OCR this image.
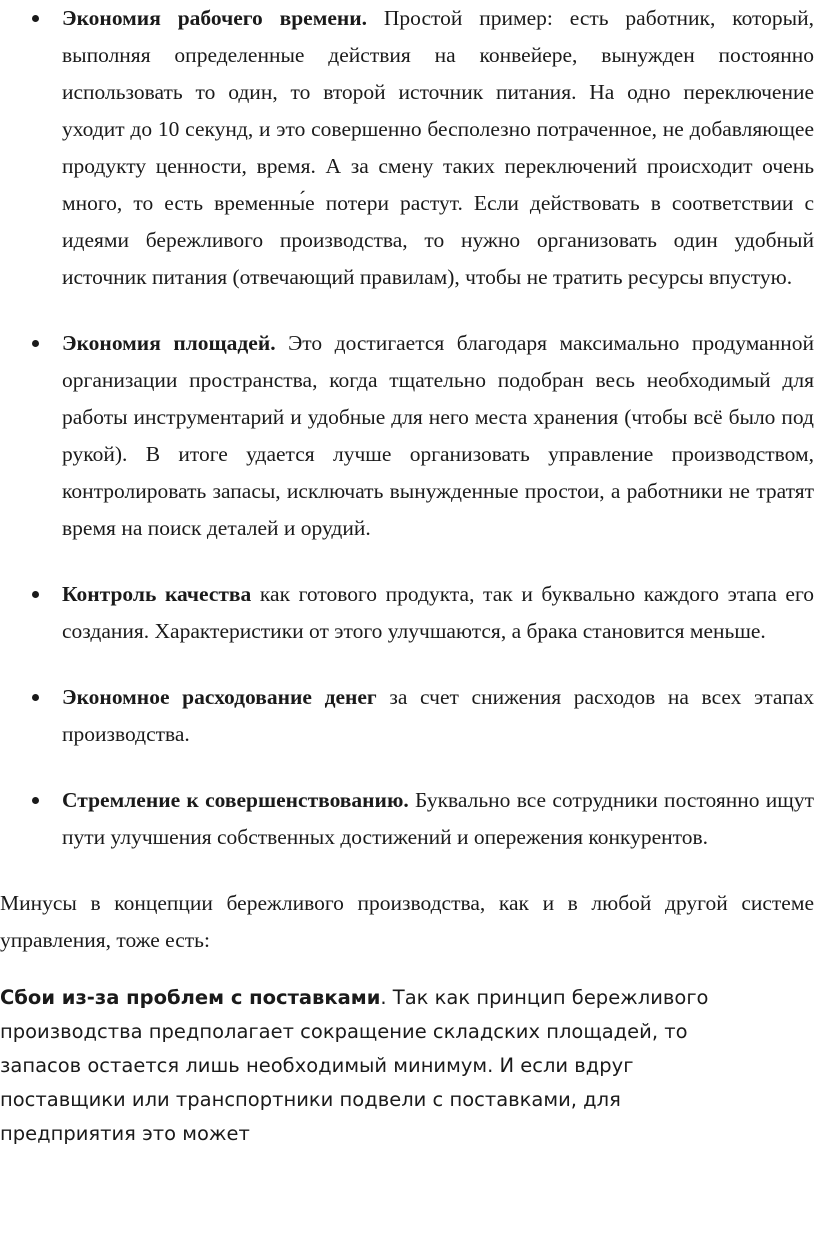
Экономия рабочего времени. Простой пример: есть работник, который, выполняя определенные действия на конвейере, вынужден постоянно использовать то один, то второй источник питания. На одно переключение уходит до 10 секунд, и это совершенно бесполезно потраченное, не добавляющее продукту ценности, время. А за смену таких переключений происходит очень много, то есть временны́е потери растут. Если действовать в соответствии с идеями бережливого производства, то нужно организовать один удобный источник питания (отвечающий правилам), чтобы не тратить ресурсы впустую.
Экономия площадей. Это достигается благодаря максимально продуманной организации пространства, когда тщательно подобран весь необходимый для работы инструментарий и удобные для него места хранения (чтобы всё было под рукой). В итоге удается лучше организовать управление производством, контролировать запасы, исключать вынужденные простои, а работники не тратят время на поиск деталей и орудий.
Контроль качества как готового продукта, так и буквально каждого этапа его создания. Характеристики от этого улучшаются, а брака становится меньше.
Экономное расходование денег за счет снижения расходов на всех этапах производства.
Стремление к совершенствованию. Буквально все сотрудники постоянно ищут пути улучшения собственных достижений и опережения конкурентов.

Минусы в концепции бережливого производства, как и в любой другой системе управления, тоже есть:

Сбои из-за проблем с поставками. Так как принцип бережливого производства предполагает сокращение складских площадей, то запасов остается лишь необходимый минимум. И если вдруг поставщики или транспортники подвели с поставками, для предприятия это может
